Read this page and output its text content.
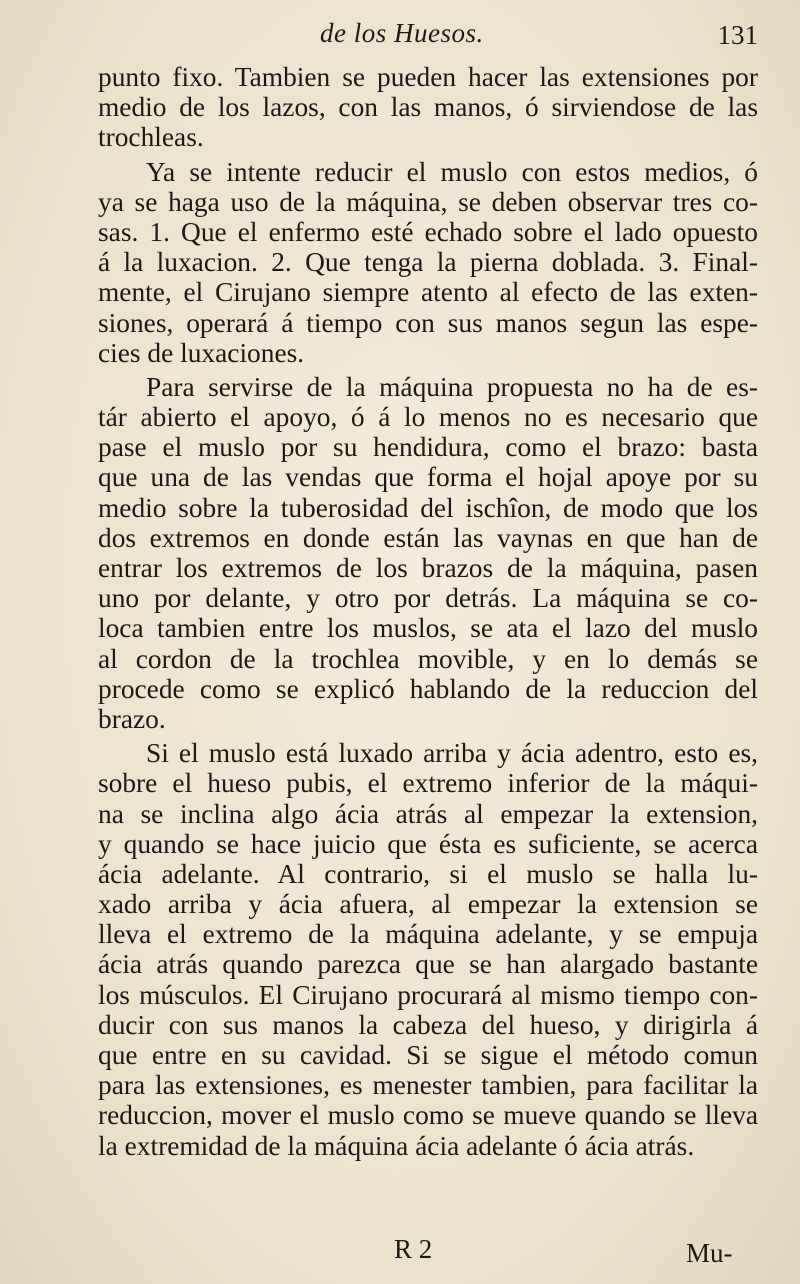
de los Huesos.	131
punto fixo. Tambien se pueden hacer las extensiones por
medio de los lazos, con las manos, ó sirviendose de las
trochleas.
Ya se intente reducir el muslo con estos medios, ó
ya se haga uso de la máquina, se deben observar tres co-
sas. 1. Que el enfermo esté echado sobre el lado opuesto
á la luxacion. 2. Que tenga la pierna doblada. 3. Final-
mente, el Cirujano siempre atento al efecto de las exten-
siones, operará á tiempo con sus manos segun las espe-
cies de luxaciones.
Para servirse de la máquina propuesta no ha de es-
tár abierto el apoyo, ó á lo menos no es necesario que
pase el muslo por su hendidura, como el brazo: basta
que una de las vendas que forma el hojal apoye por su
medio sobre la tuberosidad del ischîon, de modo que los
dos extremos en donde están las vaynas en que han de
entrar los extremos de los brazos de la máquina, pasen
uno por delante, y otro por detrás. La máquina se co-
loca tambien entre los muslos, se ata el lazo del muslo
al cordon de la trochlea movible, y en lo demás se
procede como se explicó hablando de la reduccion del
brazo.
Si el muslo está luxado arriba y ácia adentro, esto es,
sobre el hueso pubis, el extremo inferior de la máqui-
na se inclina algo ácia atrás al empezar la extension,
y quando se hace juicio que ésta es suficiente, se acerca
ácia adelante. Al contrario, si el muslo se halla lu-
xado arriba y ácia afuera, al empezar la extension se
lleva el extremo de la máquina adelante, y se empuja
ácia atrás quando parezca que se han alargado bastante
los músculos. El Cirujano procurará al mismo tiempo con-
ducir con sus manos la cabeza del hueso, y dirigirla á
que entre en su cavidad. Si se sigue el método comun
para las extensiones, es menester tambien, para facilitar la
reduccion, mover el muslo como se mueve quando se lleva
la extremidad de la máquina ácia adelante ó ácia atrás.
R 2	Mu-
